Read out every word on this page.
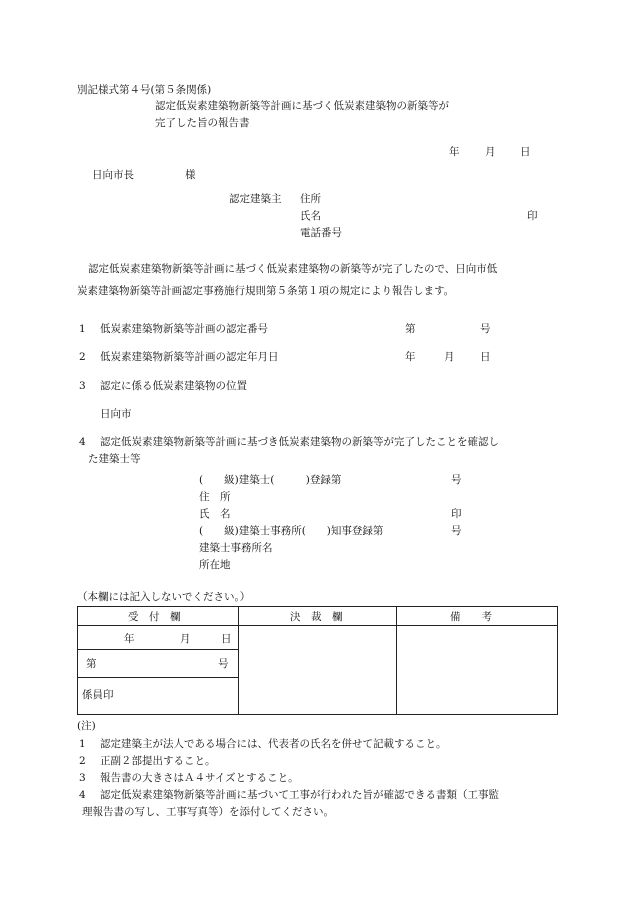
別記様式第４号(第５条関係)
認定低炭素建築物新築等計画に基づく低炭素建築物の新築等が
完了した旨の報告書
年 月 日
日向市長	様
認定建築主 住所
氏名	印
電話番号
認定低炭素建築物新築等計画に基づく低炭素建築物の新築等が完了したので、日向市低
炭素建築物新築等計画認定事務施行規則第５条第１項の規定により報告します。
1 低炭素建築物新築等計画の認定番号	第	号
2 低炭素建築物新築等計画の認定年月日	年	月 日
3 認定に係る低炭素建築物の位置
日向市
4 認定低炭素建築物新築等計画に基づき低炭素建築物の新築等が完了したことを確認し
た建築士等
(　　級)建築士(　　　)登録第	号
住　所
氏　名	印
(　　級)建築士事務所(　　)知事登録第	号
建築士事務所名
所在地
（本欄には記入しないでください。）
受　付　欄	決　裁　欄	備　　考
年	月	日
第	号
係員印
(注)
1 認定建築主が法人である場合には、代表者の氏名を併せて記載すること。
2 正副２部提出すること。
3 報告書の大きさはＡ４サイズとすること。
4 認定低炭素建築物新築等計画に基づいて工事が行われた旨が確認できる書類（工事監
理報告書の写し、工事写真等）を添付してください。
